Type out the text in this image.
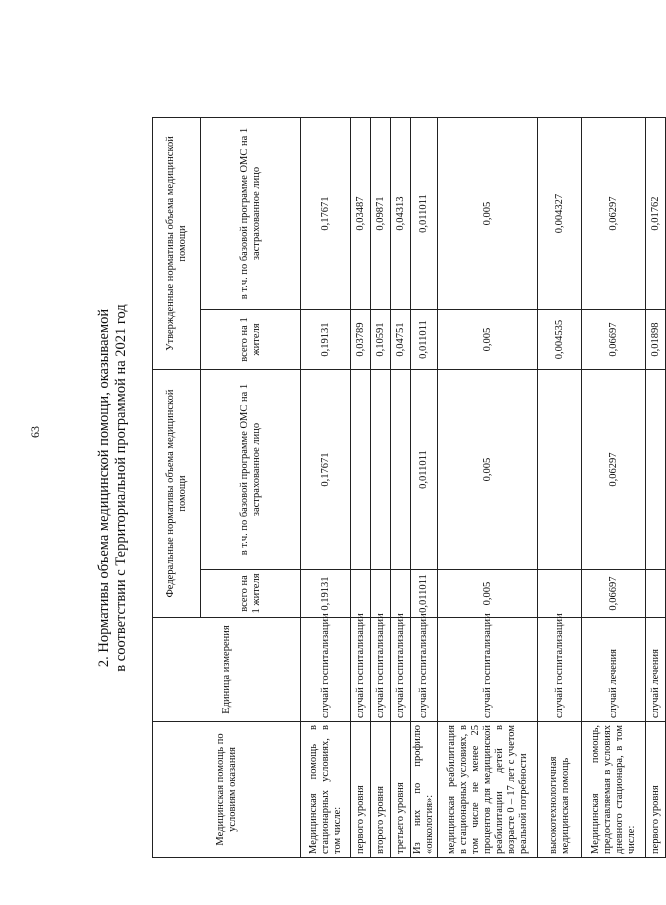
63	2. Нормативы объема медицинской помощи, оказываемой в соответствии с Территориальной программой на 2021 год
Медицинская помощь по условиям оказания	Единица измерения	Федеральные нормативы объема медицинской помощи		Утвержденные нормативы объема медицинской помощи	
		всего на 1 жителя	в т.ч. по базовой программе ОМС на 1 застрахованное лицо	всего на 1 жителя	в т.ч. по базовой программе ОМС на 1 застрахованное лицо
Медицинская помощь в стационарных условиях, в том числе:	случай госпитализации	0,19131	0,17671	0,19131	0,17671
первого уровня	случай госпитализации			0,03789	0,03487
второго уровня	случай госпитализации			0,10591	0,09871
третьего уровня	случай госпитализации			0,04751	0,04313
Из них по профилю «онкология»:	случай госпитализации	0,011011	0,011011	0,011011	0,011011
медицинская реабилитация в стационарных условиях, в том числе не менее 25 процентов для медицинской реабилитации детей в возрасте 0 – 17 лет с учетом реальной потребности	случай госпитализации	0,005	0,005	0,005	0,005
высокотехнологичная медицинская помощь	случай госпитализации			0,004535	0,004327
Медицинская помощь, предоставляемая в условиях дневного стационара, в том числе:	случай лечения	0,06697	0,06297	0,06697	0,06297
первого уровня	случай лечения			0,01898	0,01762
